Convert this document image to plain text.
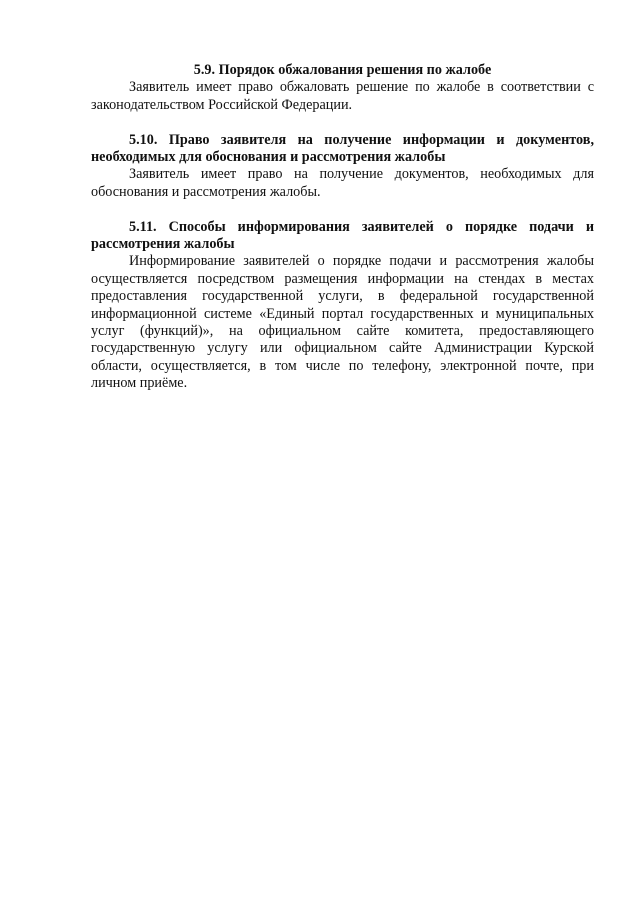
5.9. Порядок обжалования решения по жалобе

Заявитель имеет право обжаловать решение по жалобе в соответствии с законодательством Российской Федерации.

5.10. Право заявителя на получение информации и документов, необходимых для обоснования и рассмотрения жалобы

Заявитель имеет право на получение документов, необходимых для обоснования и рассмотрения жалобы.

5.11. Способы информирования заявителей о порядке подачи и рассмотрения жалобы

Информирование заявителей о порядке подачи и рассмотрения жалобы осуществляется посредством размещения информации на стендах в местах предоставления государственной услуги, в федеральной государственной информационной системе «Единый портал государственных и муниципальных услуг (функций)», на официальном сайте комитета, предоставляющего государственную услугу или официальном сайте Администрации Курской области, осуществляется, в том числе по телефону, электронной почте, при личном приёме.
